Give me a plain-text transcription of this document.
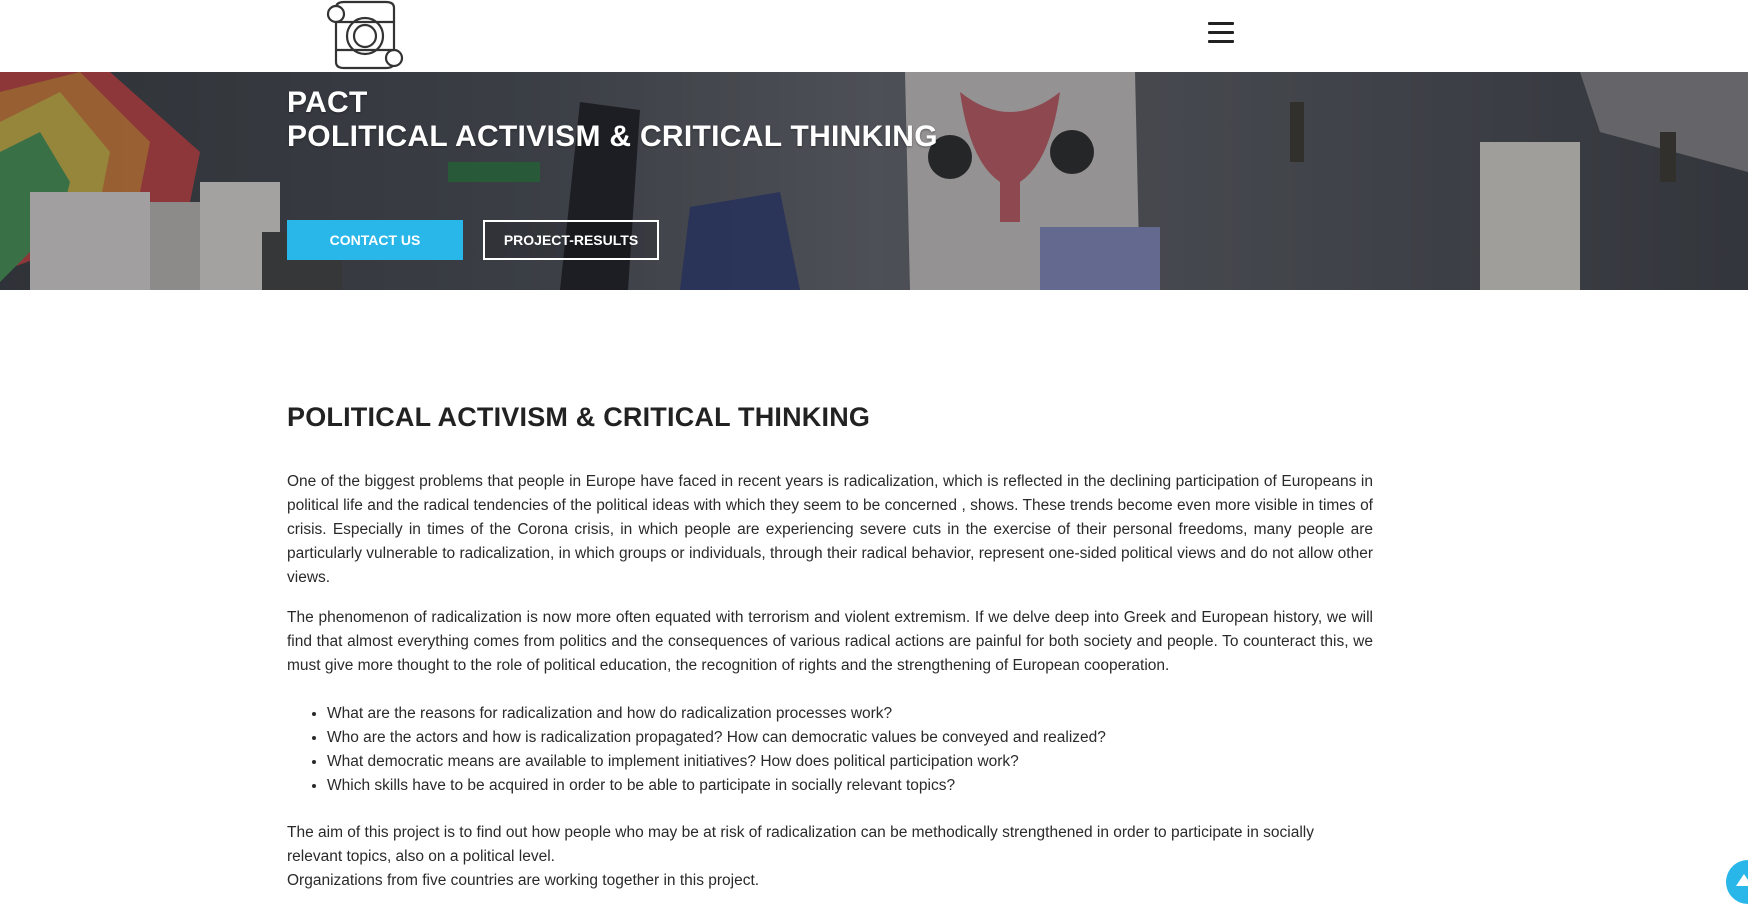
PACT
POLITICAL ACTIVISM & CRITICAL THINKING
CONTACT US	PROJECT-RESULTS
POLITICAL ACTIVISM & CRITICAL THINKING

One of the biggest problems that people in Europe have faced in recent years is radicalization, which is reflected in the declining participation of Europeans in political life and the radical tendencies of the political ideas with which they seem to be concerned , shows. These trends become even more visible in times of crisis. Especially in times of the Corona crisis, in which people are experiencing severe cuts in the exercise of their personal freedoms, many people are particularly vulnerable to radicalization, in which groups or individuals, through their radical behavior, represent one-sided political views and do not allow other views.

The phenomenon of radicalization is now more often equated with terrorism and violent extremism. If we delve deep into Greek and European history, we will find that almost everything comes from politics and the consequences of various radical actions are painful for both society and people. To counteract this, we must give more thought to the role of political education, the recognition of rights and the strengthening of European cooperation.

• What are the reasons for radicalization and how do radicalization processes work?
• Who are the actors and how is radicalization propagated? How can democratic values be conveyed and realized?
• What democratic means are available to implement initiatives? How does political participation work?
• Which skills have to be acquired in order to be able to participate in socially relevant topics?

The aim of this project is to find out how people who may be at risk of radicalization can be methodically strengthened in order to participate in socially relevant topics, also on a political level.

Organizations from five countries are working together in this project.
